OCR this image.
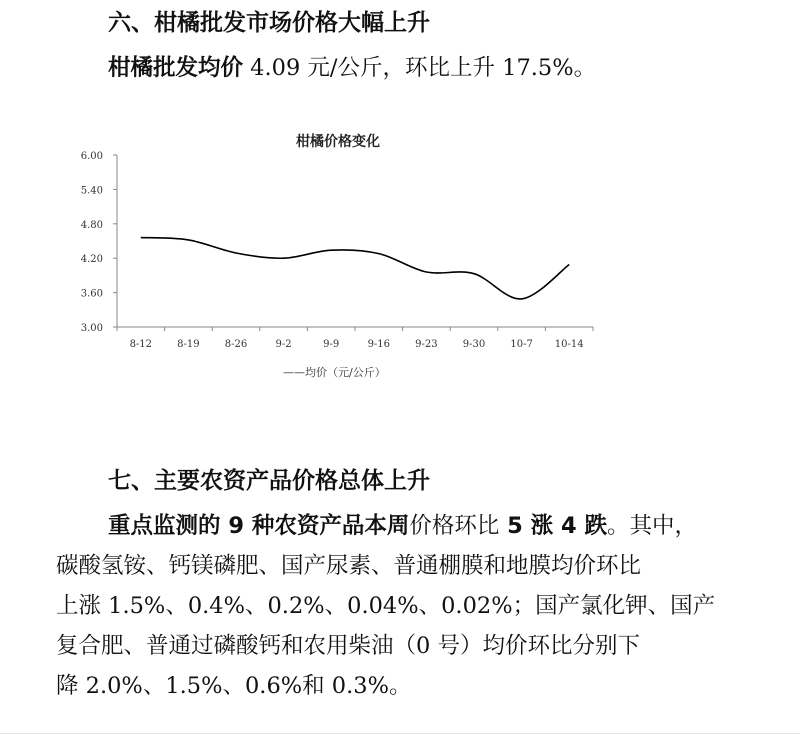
六、柑橘批发市场价格大幅上升
柑橘批发均价 4.09 元/公斤，环比上升 17.5%。
柑橘价格变化
3.00
3.60
4.20
4.80
5.40
6.00
8-12	8-19	8-26	9-2	9-9	9-16	9-23	9-30	10-7 10-14
——均价（元/公斤）
七、主要农资产品价格总体上升

重点监测的 9 种农资产品本周价格环比 5 涨 4 跌。其中，
碳酸氢铵、钙镁磷肥、国产尿素、普通棚膜和地膜均价环比
上涨 1.5%、0.4%、0.2%、0.04%、0.02%；国产氯化钾、国产
复合肥、普通过磷酸钙和农用柴油（0 号）均价环比分别下
降 2.0%、1.5%、0.6%和 0.3%。
